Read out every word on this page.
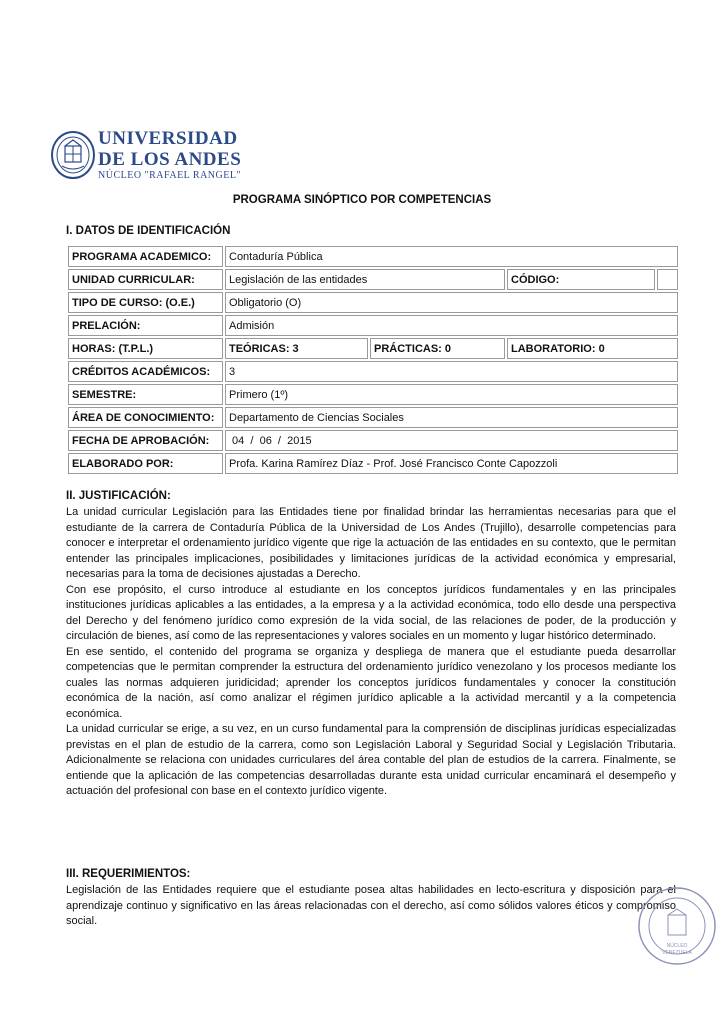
UNIVERSIDAD
DE LOS ANDES
NÚCLEO "RAFAEL RANGEL"
PROGRAMA SINÓPTICO POR COMPETENCIAS
I. DATOS DE IDENTIFICACIÓN
PROGRAMA ACADEMICO:	Contaduría Pública			
UNIDAD CURRICULAR:	Legislación de las entidades		CÓDIGO:	
TIPO DE CURSO: (O.E.)	Obligatorio (O)			
PRELACIÓN:	Admisión			
HORAS: (T.P.L.)	TEÓRICAS: 3	PRÁCTICAS: 0	LABORATORIO: 0	
CRÉDITOS ACADÉMICOS:	3			
SEMESTRE:	Primero (1º)			
ÁREA DE CONOCIMIENTO:	Departamento de Ciencias Sociales			
FECHA DE APROBACIÓN:	04  /  06  /  2015			
ELABORADO POR:	Profa. Karina Ramírez Díaz - Prof. José Francisco Conte Capozzoli			
II. JUSTIFICACIÓN:
La unidad curricular Legislación para las Entidades tiene por finalidad brindar las herramientas necesarias para que el estudiante de la carrera de Contaduría Pública de la Universidad de Los Andes (Trujillo), desarrolle competencias para conocer e interpretar el ordenamiento jurídico vigente que rige la actuación de las entidades en su contexto, que le permitan entender las principales implicaciones, posibilidades y limitaciones jurídicas de la actividad económica y empresarial, necesarias para la toma de decisiones ajustadas a Derecho.
Con ese propósito, el curso introduce al estudiante en los conceptos jurídicos fundamentales y en las principales instituciones jurídicas aplicables a las entidades, a la empresa y a la actividad económica, todo ello desde una perspectiva del Derecho y del fenómeno jurídico como expresión de la vida social, de las relaciones de poder, de la producción y circulación de bienes, así como de las representaciones y valores sociales en un momento y lugar histórico determinado.
En ese sentido, el contenido del programa se organiza y despliega de manera que el estudiante pueda desarrollar competencias que le permitan comprender la estructura del ordenamiento jurídico venezolano y los procesos mediante los cuales las normas adquieren juridicidad; aprender los conceptos jurídicos fundamentales y conocer la constitución económica de la nación, así como analizar el régimen jurídico aplicable a la actividad mercantil y a la competencia económica.
La unidad curricular se erige, a su vez, en un curso fundamental para la comprensión de disciplinas jurídicas especializadas previstas en el plan de estudio de la carrera, como son Legislación Laboral y Seguridad Social y Legislación Tributaria. Adicionalmente se relaciona con unidades curriculares del área contable del plan de estudios de la carrera. Finalmente, se entiende que la aplicación de las competencias desarrolladas durante esta unidad curricular encaminará el desempeño y actuación del profesional con base en el contexto jurídico vigente.
III. REQUERIMIENTOS:
Legislación de las Entidades requiere que el estudiante posea altas habilidades en lecto-escritura y disposición para el aprendizaje continuo y significativo en las áreas relacionadas con el derecho, así como sólidos valores éticos y compromiso social.
NÚCLEO
VENEZUELA
